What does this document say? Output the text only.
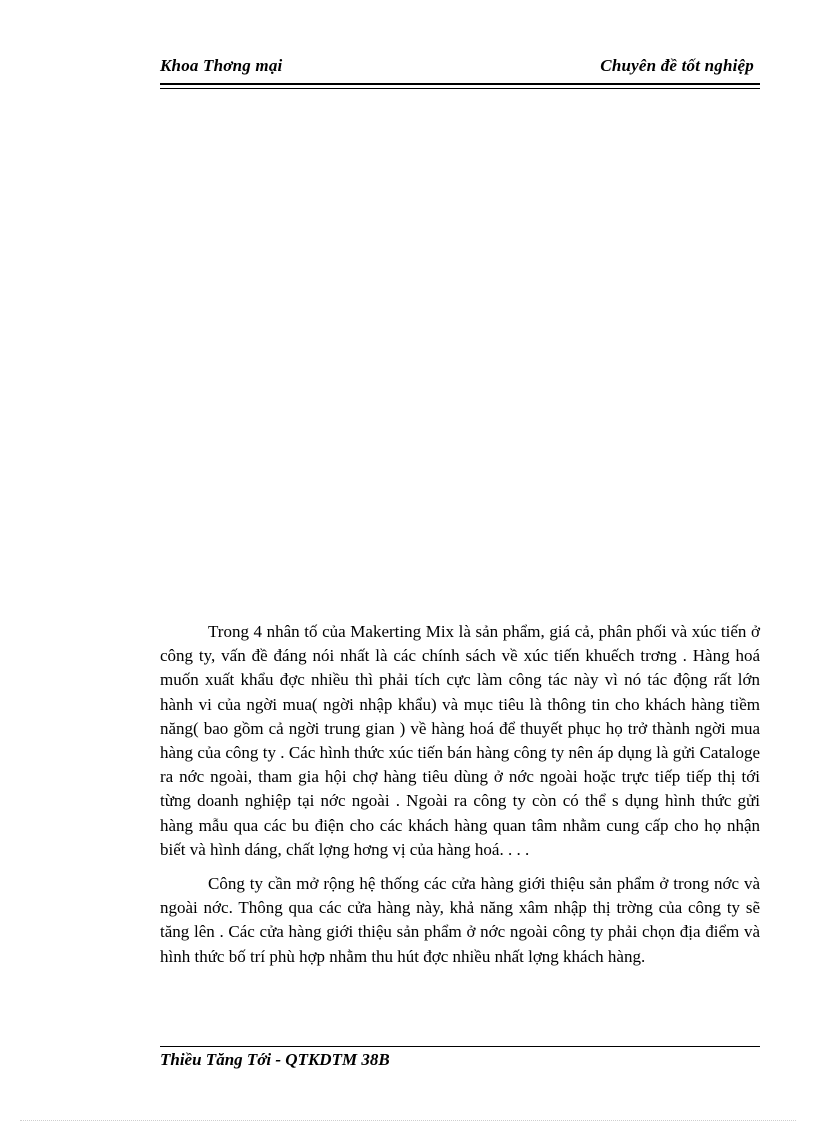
Khoa Thơng mại	Chuyên đề tốt nghiệp

Trong 4 nhân tố của Makerting Mix là sản phẩm, giá cả, phân phối và xúc tiến ở công ty, vấn đề đáng nói nhất là các chính sách về xúc tiến khuếch trơng . Hàng hoá muốn xuất khẩu đợc nhiều thì phải tích cực làm công tác này vì nó tác động rất lớn hành vi của ngời mua( ngời nhập khẩu) và mục tiêu là thông tin cho khách hàng tiềm năng( bao gồm cả ngời trung gian ) về hàng hoá để thuyết phục họ trở thành ngời mua hàng của công ty . Các hình thức xúc tiến bán hàng công ty nên áp dụng là gửi Cataloge ra nớc ngoài, tham gia hội chợ hàng tiêu dùng ở nớc ngoài hoặc trực tiếp tiếp thị tới từng doanh nghiệp tại nớc ngoài . Ngoài ra công ty còn có thể s dụng hình thức gửi hàng mẫu qua các bu điện cho các khách hàng quan tâm nhằm cung cấp cho họ nhận biết và hình dáng, chất lợng hơng vị của hàng hoá. . . .

Công ty cần mở rộng hệ thống các cửa hàng giới thiệu sản phẩm ở trong nớc và ngoài nớc. Thông qua các cửa hàng này, khả năng xâm nhập thị trờng của công ty sẽ tăng lên . Các cửa hàng giới thiệu sản phẩm ở nớc ngoài công ty phải chọn địa điểm và hình thức bố trí phù hợp nhằm thu hút đợc nhiều nhất lợng khách hàng.

Thiều Tăng Tới - QTKDTM 38B
